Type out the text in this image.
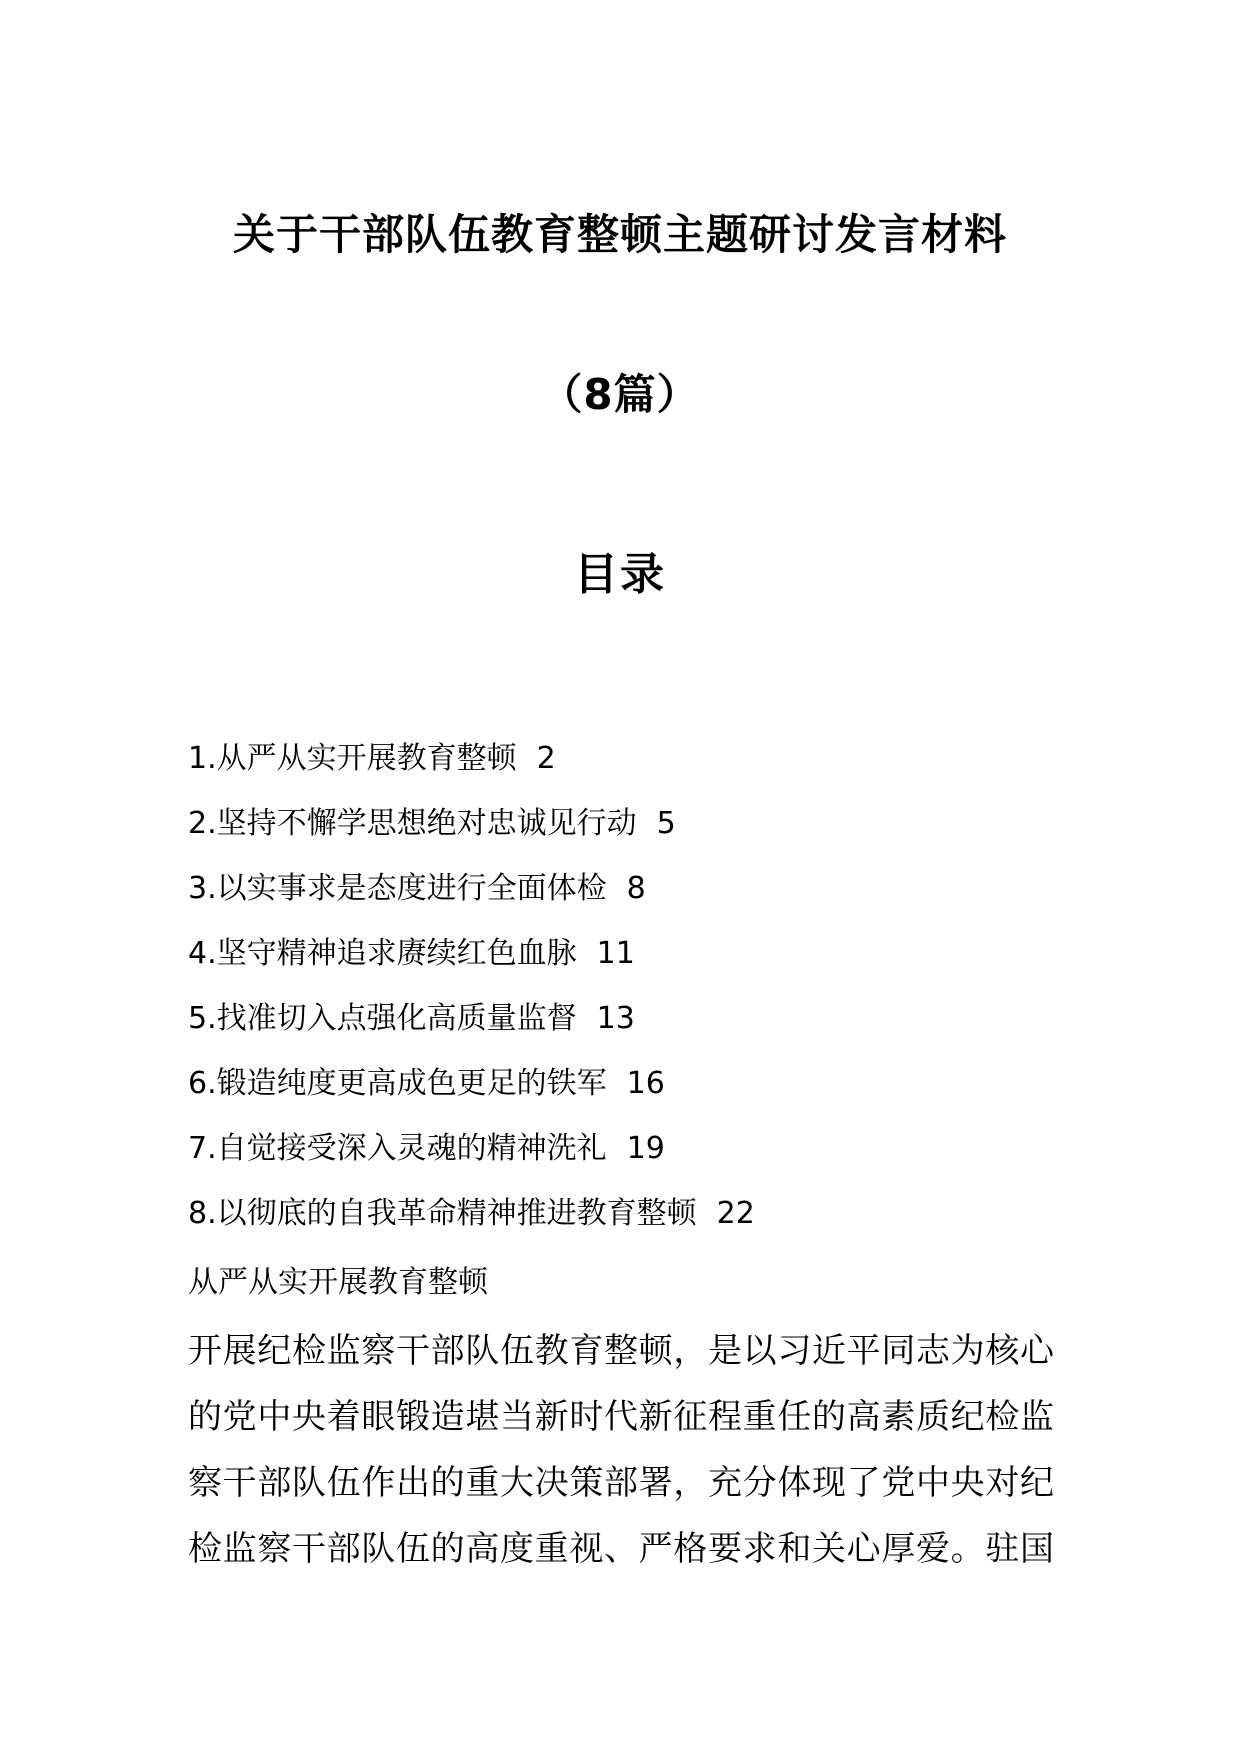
关于干部队伍教育整顿主题研讨发言材料
（8篇）
目录
1.从严从实开展教育整顿 2
2.坚持不懈学思想绝对忠诚见行动 5
3.以实事求是态度进行全面体检 8
4.坚守精神追求赓续红色血脉 11
5.找准切入点强化高质量监督 13
6.锻造纯度更高成色更足的铁军 16
7.自觉接受深入灵魂的精神洗礼 19
8.以彻底的自我革命精神推进教育整顿 22
从严从实开展教育整顿
开展纪检监察干部队伍教育整顿，是以习近平同志为核心
的党中央着眼锻造堪当新时代新征程重任的高素质纪检监
察干部队伍作出的重大决策部署，充分体现了党中央对纪
检监察干部队伍的高度重视、严格要求和关心厚爱。驻国
